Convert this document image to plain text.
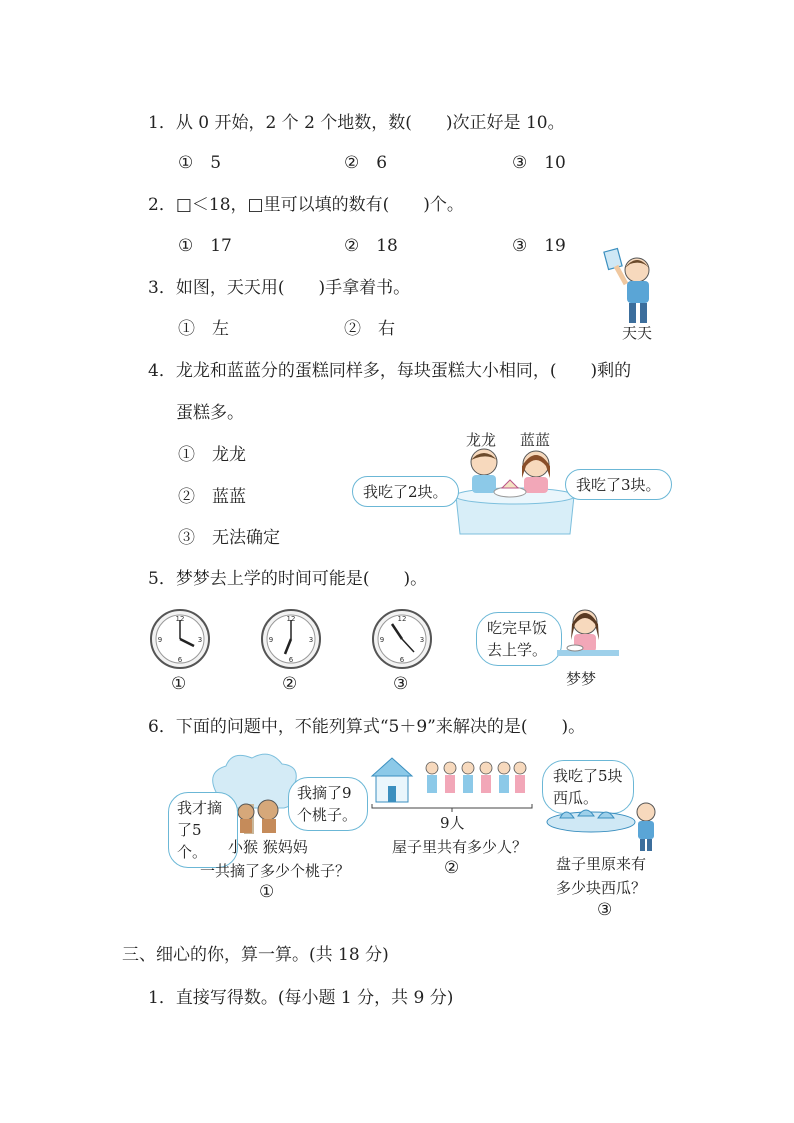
1．从 0 开始，2 个 2 个地数，数(　　)次正好是 10。
①　5	②　6	③　10
2．□＜18，□里可以填的数有(　　)个。
①　17	②　18	③　19
3．如图，天天用(　　)手拿着书。
①　左	②　右	天天
4．龙龙和蓝蓝分的蛋糕同样多，每块蛋糕大小相同，(　　)剩的
蛋糕多。
①　龙龙
②　蓝蓝
③　无法确定
龙龙 蓝蓝
我吃了2块。	我吃了3块。
5．梦梦去上学的时间可能是(　　)。
12
3
6
9
12
3
6
9
12
3
6
9
①	②	③
吃完早饭去上学。
梦梦
6．下面的问题中，不能列算式“5＋9”来解决的是(　　)。
我才摘了5个。
我摘了9个桃子。
小猴 猴妈妈
一共摘了多少个桃子？
①
9人
屋子里共有多少人？
②
我吃了5块西瓜。
盘子里原来有
多少块西瓜？
③
三、细心的你，算一算。(共 18 分)
1．直接写得数。(每小题 1 分，共 9 分)
